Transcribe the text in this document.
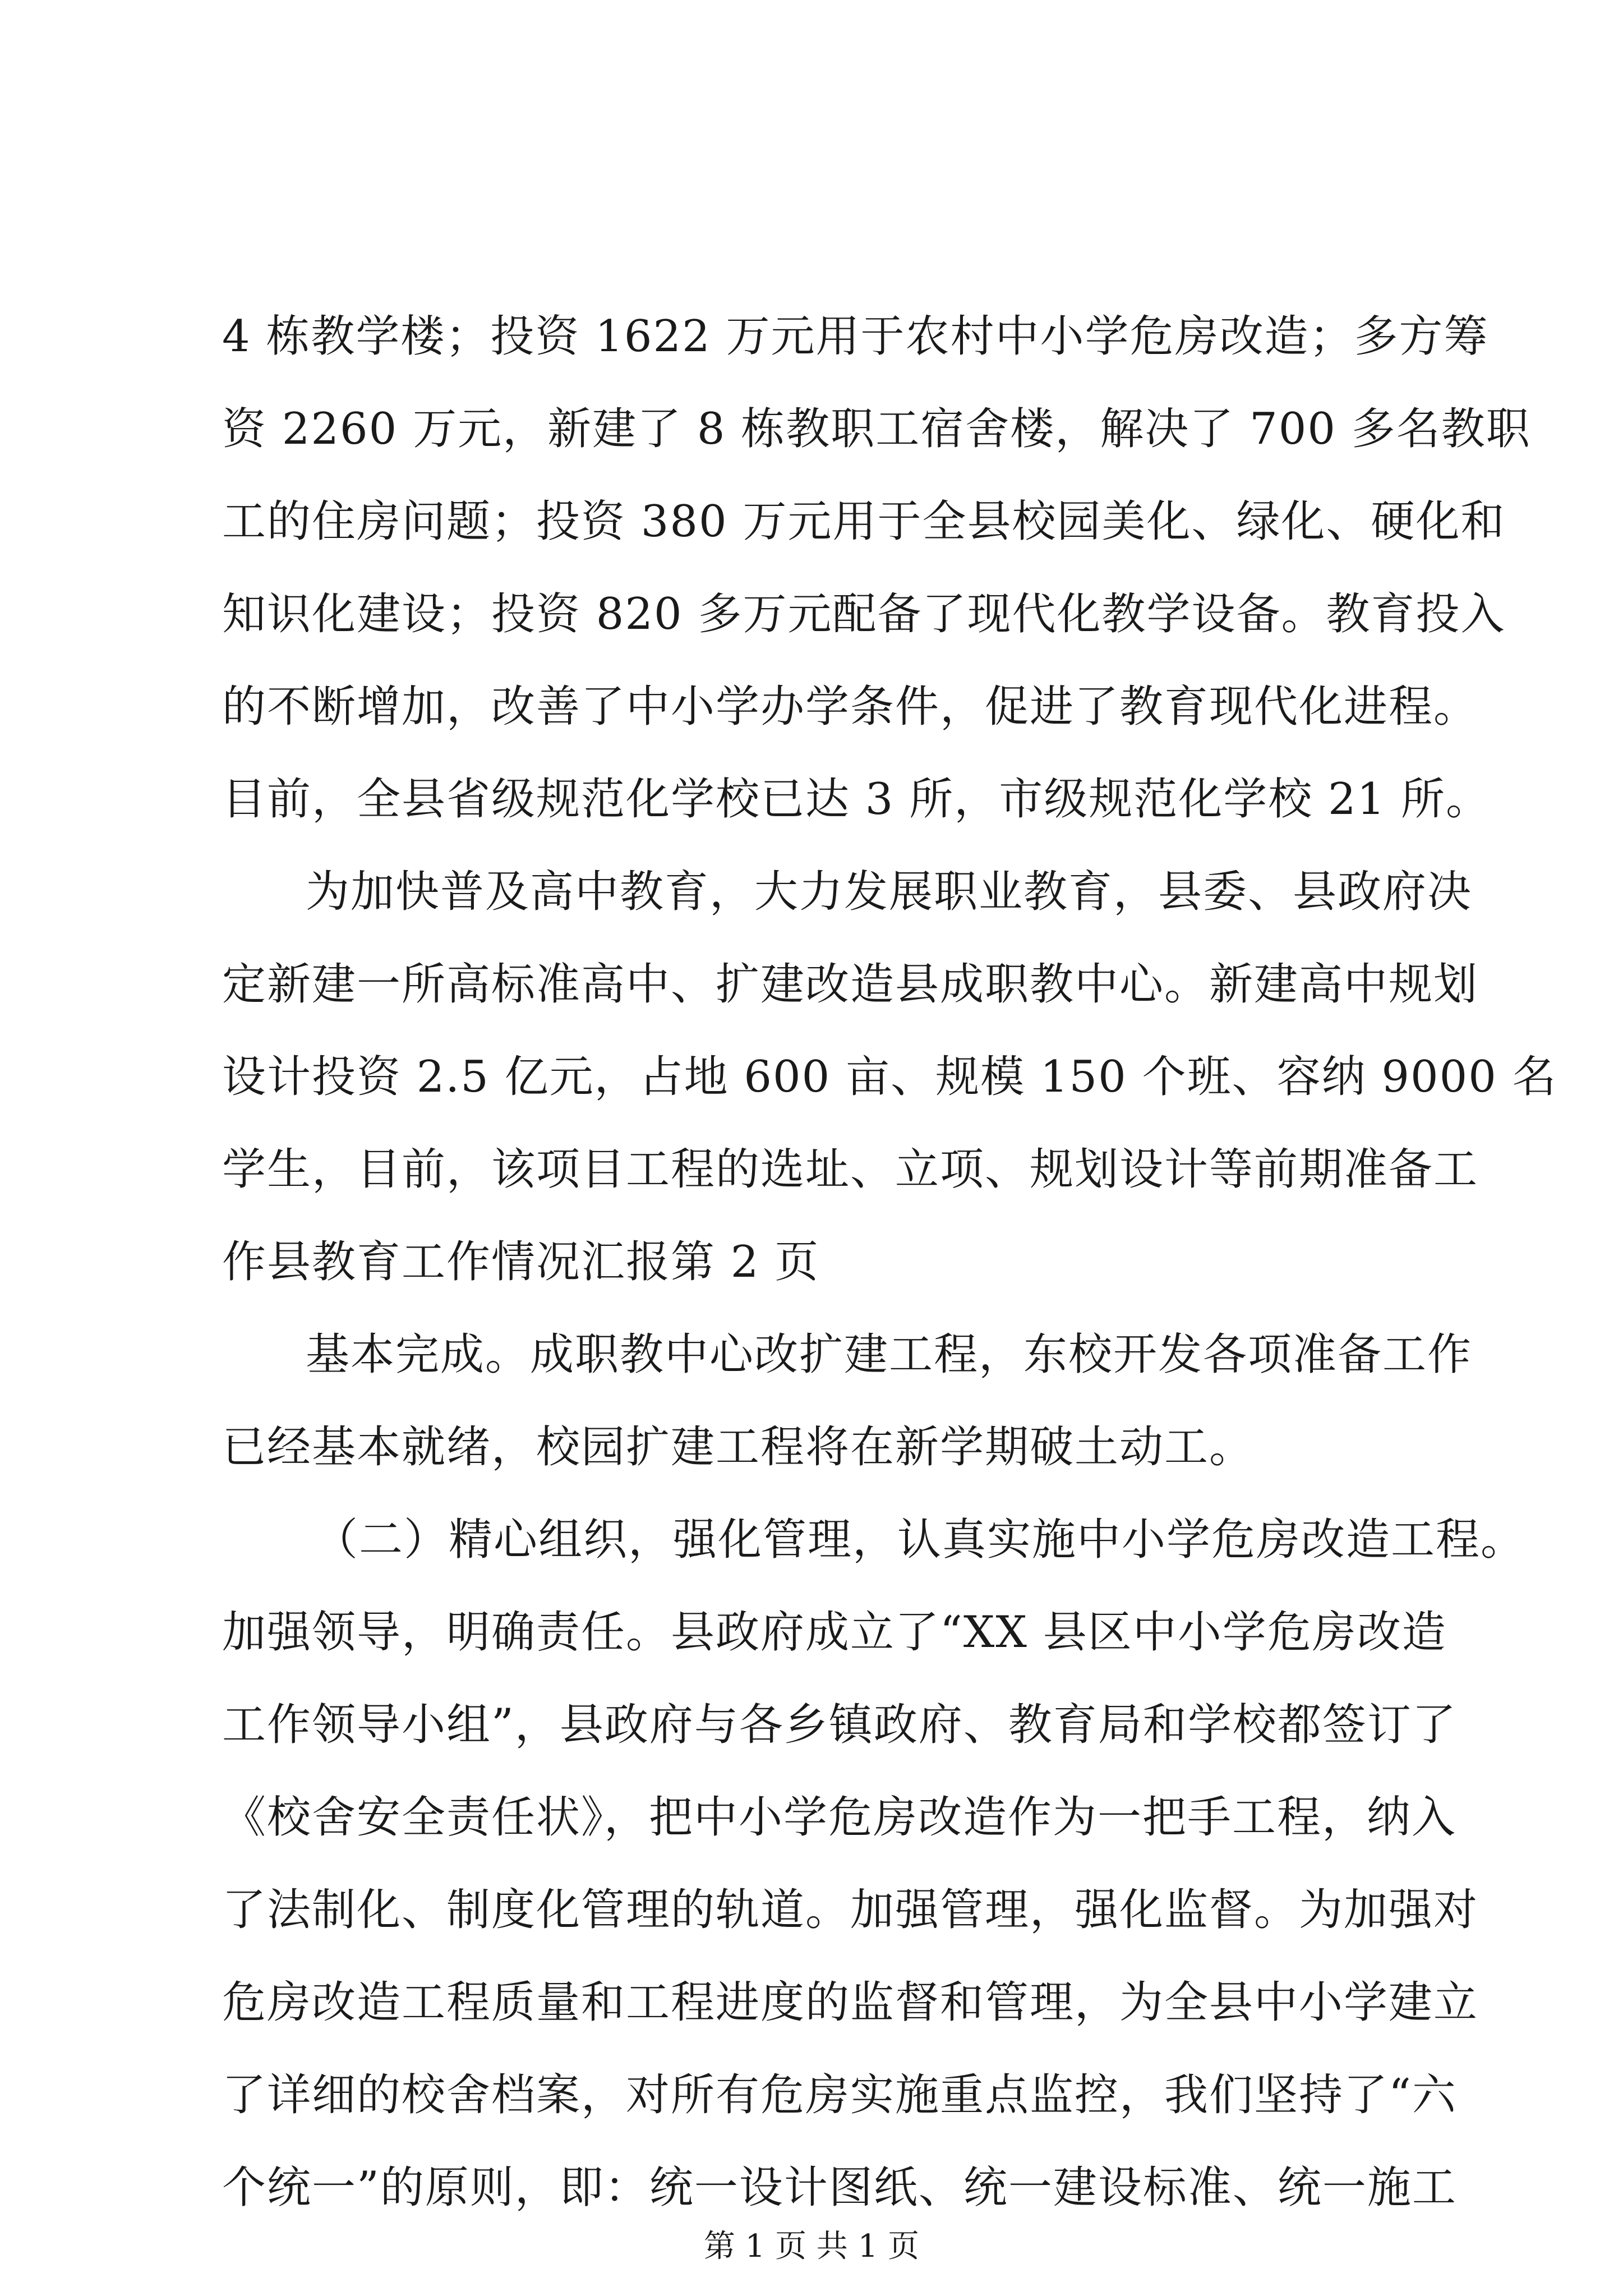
4 栋教学楼；投资 1622 万元用于农村中小学危房改造；多方筹
资 2260 万元，新建了 8 栋教职工宿舍楼，解决了 700 多名教职
工的住房问题；投资 380 万元用于全县校园美化、绿化、硬化和
知识化建设；投资 820 多万元配备了现代化教学设备。教育投入
的不断增加，改善了中小学办学条件，促进了教育现代化进程。
目前，全县省级规范化学校已达 3 所，市级规范化学校 21 所。
为加快普及高中教育，大力发展职业教育，县委、县政府决
定新建一所高标准高中、扩建改造县成职教中心。新建高中规划
设计投资 2.5 亿元，占地 600 亩、规模 150 个班、容纳 9000 名
学生，目前，该项目工程的选址、立项、规划设计等前期准备工
作县教育工作情况汇报第 2 页
基本完成。成职教中心改扩建工程，东校开发各项准备工作
已经基本就绪，校园扩建工程将在新学期破土动工。
（二）精心组织，强化管理，认真实施中小学危房改造工程。
加强领导，明确责任。县政府成立了“XX 县区中小学危房改造
工作领导小组”，县政府与各乡镇政府、教育局和学校都签订了
《校舍安全责任状》，把中小学危房改造作为一把手工程，纳入
了法制化、制度化管理的轨道。加强管理，强化监督。为加强对
危房改造工程质量和工程进度的监督和管理，为全县中小学建立
了详细的校舍档案，对所有危房实施重点监控，我们坚持了“六
个统一”的原则，即：统一设计图纸、统一建设标准、统一施工
第 1 页 共 1 页
